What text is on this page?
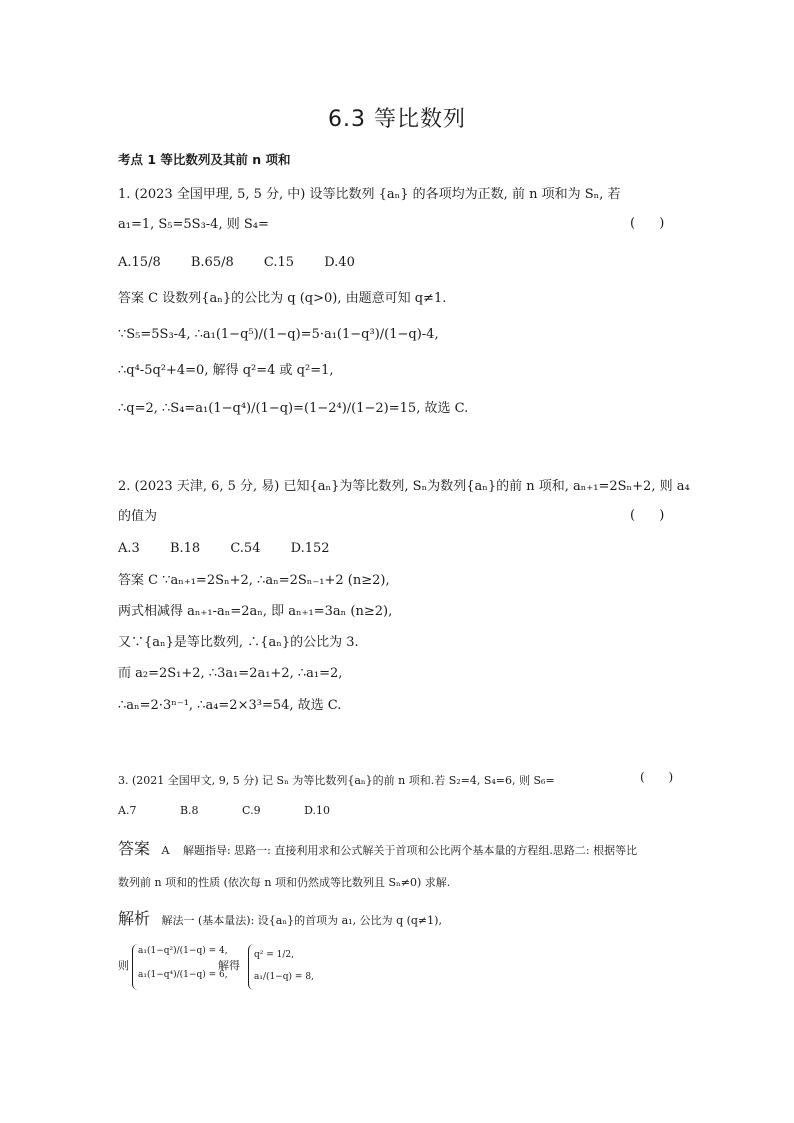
6.3 等比数列
考点 1 等比数列及其前 n 项和
1. (2023 全国甲理, 5, 5 分, 中) 设等比数列 {aₙ} 的各项均为正数, 前 n 项和为 Sₙ, 若
a₁=1, S₅=5S₃-4, 则 S₄=	( )
A.15/8 B.65/8 C.15 D.40
答案 C 设数列{aₙ}的公比为 q (q>0), 由题意可知 q≠1.
∵S₅=5S₃-4, ∴a₁(1−q⁵)/(1−q)=5·a₁(1−q³)/(1−q)-4,
∴q⁴-5q²+4=0, 解得 q²=4 或 q²=1,
∴q=2, ∴S₄=a₁(1−q⁴)/(1−q)=(1−2⁴)/(1−2)=15, 故选 C.
2. (2023 天津, 6, 5 分, 易) 已知{aₙ}为等比数列, Sₙ为数列{aₙ}的前 n 项和, aₙ₊₁=2Sₙ+2, 则 a₄
的值为	( )
A.3 B.18 C.54 D.152
答案 C ∵aₙ₊₁=2Sₙ+2, ∴aₙ=2Sₙ₋₁+2 (n≥2),
两式相减得 aₙ₊₁-aₙ=2aₙ, 即 aₙ₊₁=3aₙ (n≥2),
又∵{aₙ}是等比数列, ∴{aₙ}的公比为 3.
而 a₂=2S₁+2, ∴3a₁=2a₁+2, ∴a₁=2,
∴aₙ=2·3ⁿ⁻¹, ∴a₄=2×3³=54, 故选 C.
3. (2021 全国甲文, 9, 5 分) 记 Sₙ 为等比数列{aₙ}的前 n 项和.若 S₂=4, S₄=6, 则 S₆=	( )
A.7	B.8	C.9	D.10
答案 A 解题指导: 思路一: 直接利用求和公式解关于首项和公比两个基本量的方程组.思路二: 根据等比
数列前 n 项和的性质 (依次每 n 项和仍然成等比数列且 Sₙ≠0) 求解.
解析 解法一 (基本量法): 设{aₙ}的首项为 a₁, 公比为 q (q≠1),
则
a₁(1−q²)/(1−q) = 4,
a₁(1−q⁴)/(1−q) = 6,
解得
q² = 1/2,
a₁/(1−q) = 8,
